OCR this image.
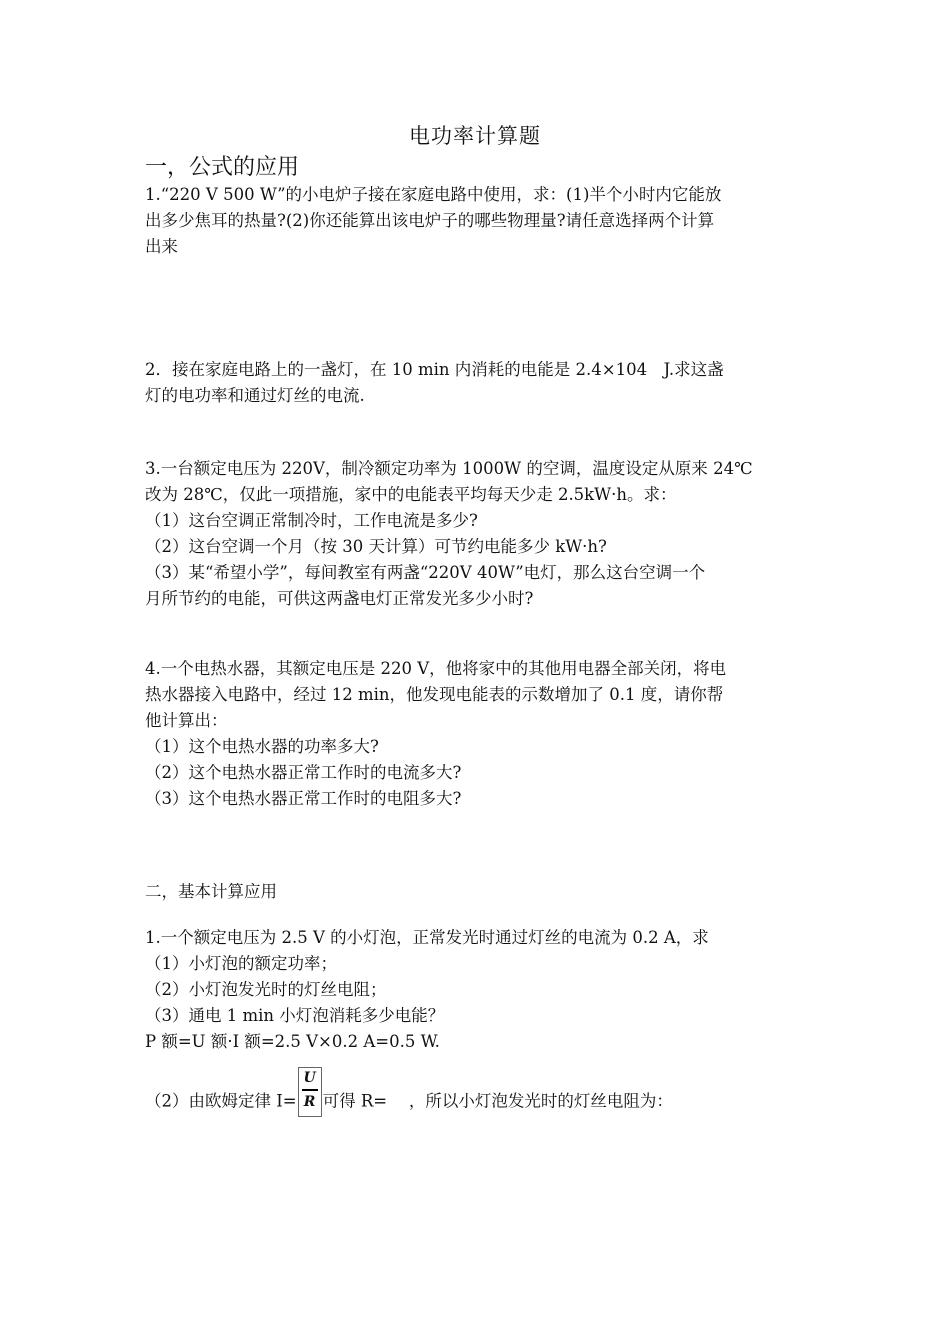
电功率计算题
一，公式的应用
1.“220 V 500 W”的小电炉子接在家庭电路中使用，求：(1)半个小时内它能放
出多少焦耳的热量?(2)你还能算出该电炉子的哪些物理量?请任意选择两个计算
出来
2．接在家庭电路上的一盏灯，在 10 min 内消耗的电能是 2.4×104　J.求这盏
灯的电功率和通过灯丝的电流.
3.一台额定电压为 220V，制冷额定功率为 1000W 的空调，温度设定从原来 24℃
改为 28℃，仅此一项措施，家中的电能表平均每天少走 2.5kW·h。求：
（1）这台空调正常制冷时，工作电流是多少?
（2）这台空调一个月（按 30 天计算）可节约电能多少 kW·h?
（3）某“希望小学”，每间教室有两盏“220V 40W”电灯，那么这台空调一个
月所节约的电能，可供这两盏电灯正常发光多少小时?
4.一个电热水器，其额定电压是 220 V，他将家中的其他用电器全部关闭，将电
热水器接入电路中，经过 12 min，他发现电能表的示数增加了 0.1 度，请你帮
他计算出：
（1）这个电热水器的功率多大?
（2）这个电热水器正常工作时的电流多大?
（3）这个电热水器正常工作时的电阻多大?
二，基本计算应用
1.一个额定电压为 2.5 V 的小灯泡，正常发光时通过灯丝的电流为 0.2 A，求
（1）小灯泡的额定功率；
（2）小灯泡发光时的灯丝电阻；
（3）通电 1 min 小灯泡消耗多少电能？
P 额=U 额·I 额=2.5 V×0.2 A=0.5 W.
（2）由欧姆定律 $I= \frac{U}{R}$ 可得 R=　 ，所以小灯泡发光时的灯丝电阻为：
